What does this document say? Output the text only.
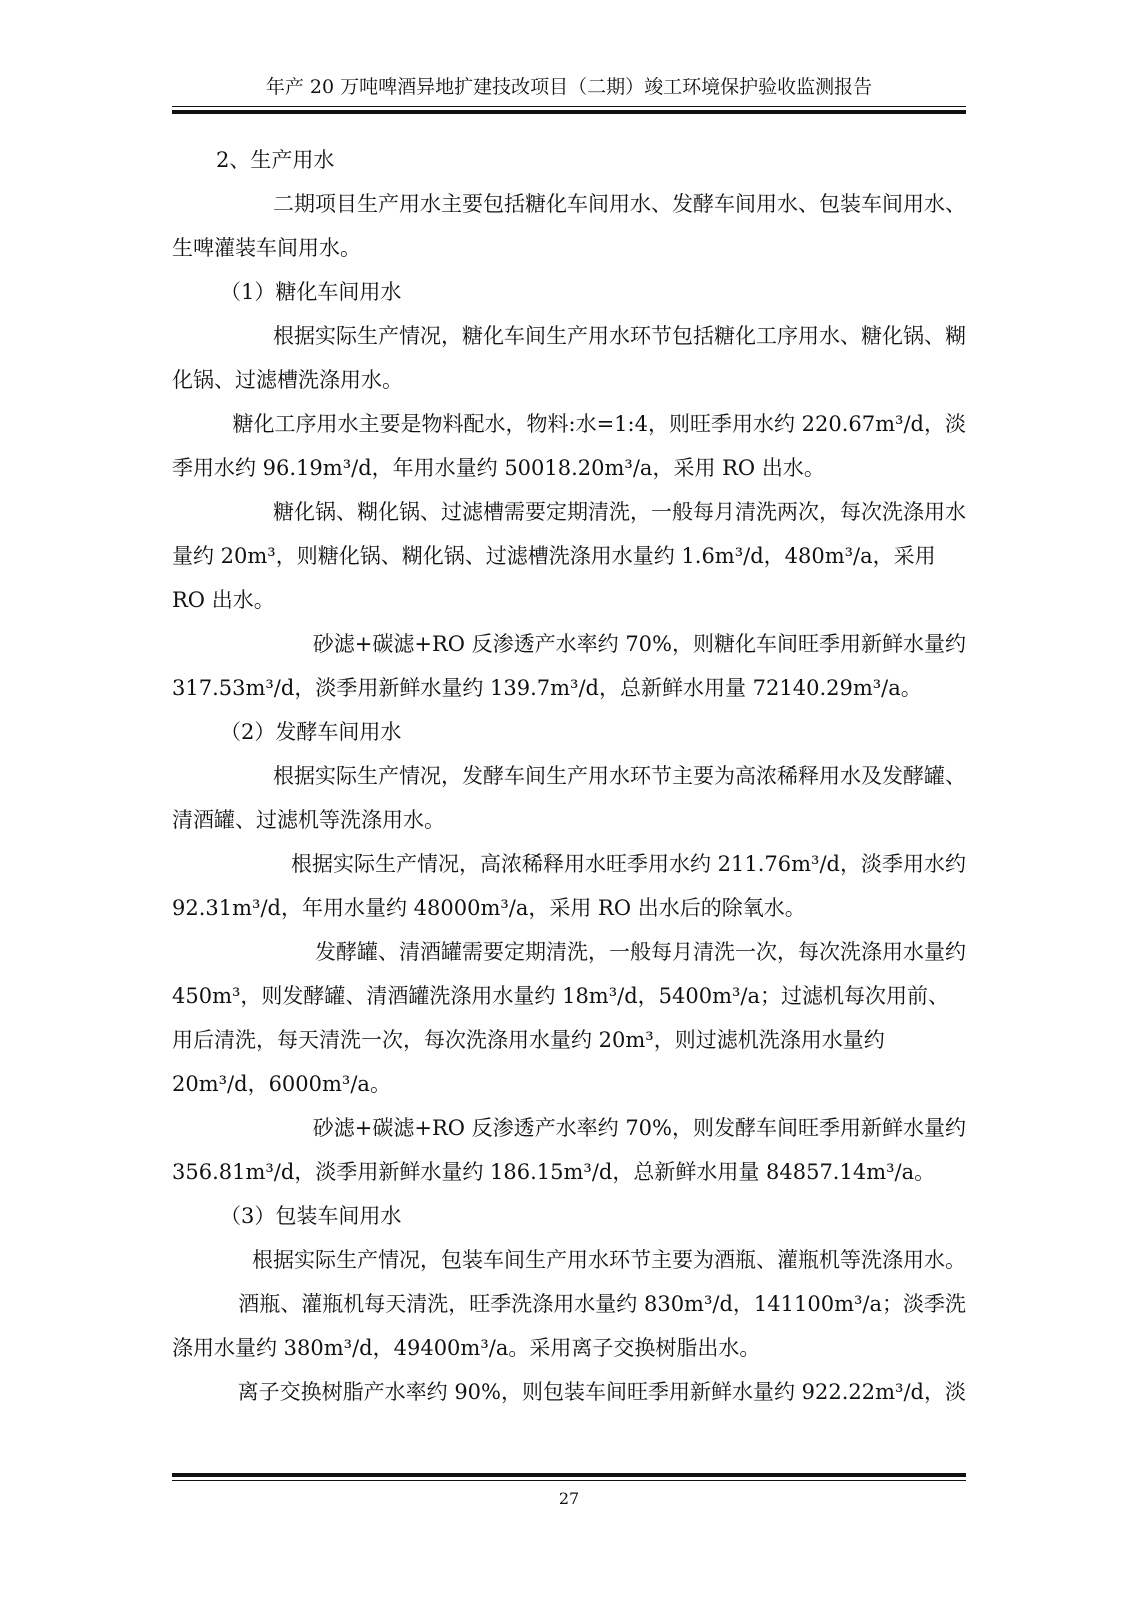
年产 20 万吨啤酒异地扩建技改项目（二期）竣工环境保护验收监测报告
2、生产用水
二期项目生产用水主要包括糖化车间用水、发酵车间用水、包装车间用水、
生啤灌装车间用水。
（1）糖化车间用水
根据实际生产情况，糖化车间生产用水环节包括糖化工序用水、糖化锅、糊
化锅、过滤槽洗涤用水。
糖化工序用水主要是物料配水，物料:水=1:4，则旺季用水约 220.67m³/d，淡
季用水约 96.19m³/d，年用水量约 50018.20m³/a，采用 RO 出水。
糖化锅、糊化锅、过滤槽需要定期清洗，一般每月清洗两次，每次洗涤用水
量约 20m³，则糖化锅、糊化锅、过滤槽洗涤用水量约 1.6m³/d，480m³/a，采用
RO 出水。
砂滤+碳滤+RO 反渗透产水率约 70%，则糖化车间旺季用新鲜水量约
317.53m³/d，淡季用新鲜水量约 139.7m³/d，总新鲜水用量 72140.29m³/a。
（2）发酵车间用水
根据实际生产情况，发酵车间生产用水环节主要为高浓稀释用水及发酵罐、
清酒罐、过滤机等洗涤用水。
根据实际生产情况，高浓稀释用水旺季用水约 211.76m³/d，淡季用水约
92.31m³/d，年用水量约 48000m³/a，采用 RO 出水后的除氧水。
发酵罐、清酒罐需要定期清洗，一般每月清洗一次，每次洗涤用水量约
450m³，则发酵罐、清酒罐洗涤用水量约 18m³/d，5400m³/a；过滤机每次用前、
用后清洗，每天清洗一次，每次洗涤用水量约 20m³，则过滤机洗涤用水量约
20m³/d，6000m³/a。
砂滤+碳滤+RO 反渗透产水率约 70%，则发酵车间旺季用新鲜水量约
356.81m³/d，淡季用新鲜水量约 186.15m³/d，总新鲜水用量 84857.14m³/a。
（3）包装车间用水
根据实际生产情况，包装车间生产用水环节主要为酒瓶、灌瓶机等洗涤用水。
酒瓶、灌瓶机每天清洗，旺季洗涤用水量约 830m³/d，141100m³/a；淡季洗
涤用水量约 380m³/d，49400m³/a。采用离子交换树脂出水。
离子交换树脂产水率约 90%，则包装车间旺季用新鲜水量约 922.22m³/d，淡
27
